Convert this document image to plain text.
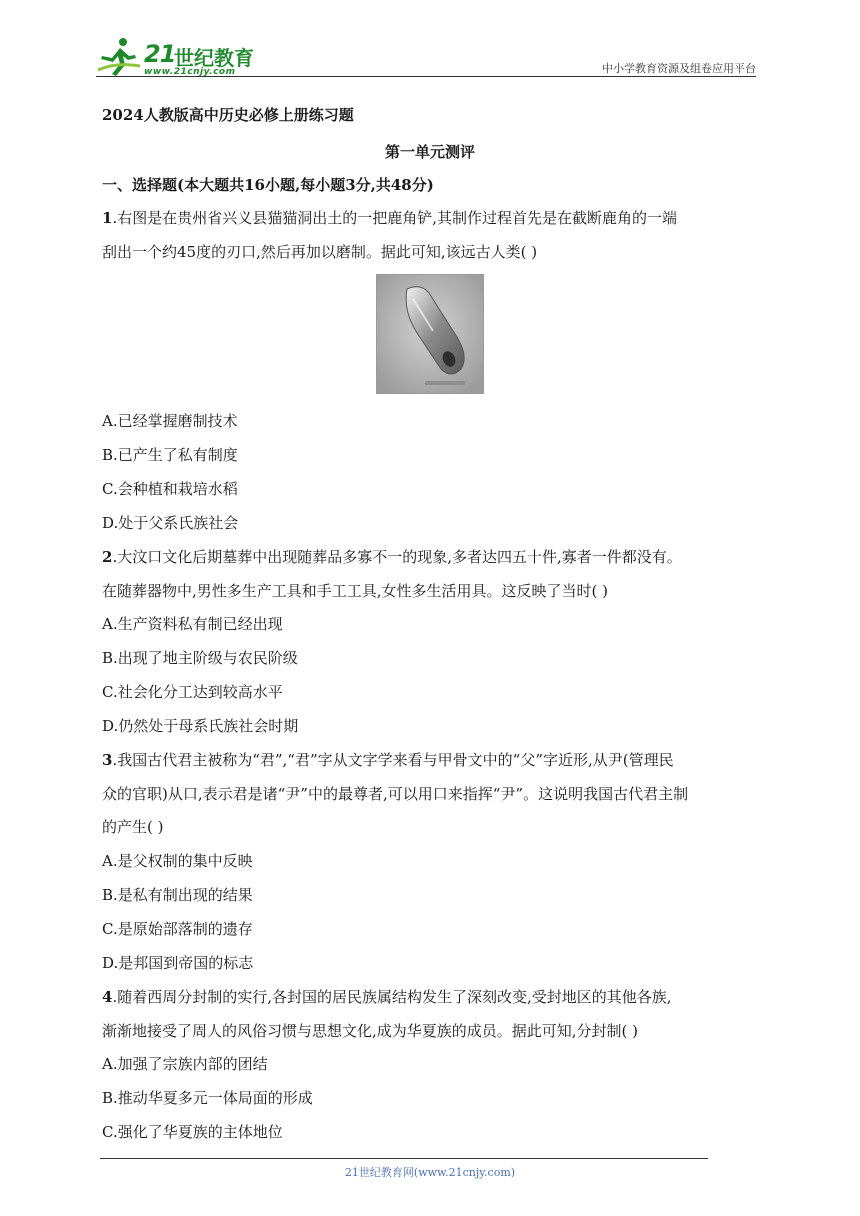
21
世纪教育
www.21cnjy.com	中小学教育资源及组卷应用平台
2024人教版高中历史必修上册练习题
第一单元测评
一、选择题(本大题共16小题,每小题3分,共48分)
1.右图是在贵州省兴义县猫猫洞出土的一把鹿角铲,其制作过程首先是在截断鹿角的一端
刮出一个约45度的刃口,然后再加以磨制。据此可知,该远古人类( )
A.已经掌握磨制技术
B.已产生了私有制度
C.会种植和栽培水稻
D.处于父系氏族社会
2.大汶口文化后期墓葬中出现随葬品多寡不一的现象,多者达四五十件,寡者一件都没有。
在随葬器物中,男性多生产工具和手工工具,女性多生活用具。这反映了当时( )
A.生产资料私有制已经出现
B.出现了地主阶级与农民阶级
C.社会化分工达到较高水平
D.仍然处于母系氏族社会时期
3.我国古代君主被称为“君”,“君”字从文字学来看与甲骨文中的“父”字近形,从尹(管理民
众的官职)从口,表示君是诸“尹”中的最尊者,可以用口来指挥“尹”。这说明我国古代君主制
的产生( )
A.是父权制的集中反映
B.是私有制出现的结果
C.是原始部落制的遗存
D.是邦国到帝国的标志
4.随着西周分封制的实行,各封国的居民族属结构发生了深刻改变,受封地区的其他各族,
渐渐地接受了周人的风俗习惯与思想文化,成为华夏族的成员。据此可知,分封制( )
A.加强了宗族内部的团结
B.推动华夏多元一体局面的形成
C.强化了华夏族的主体地位
21世纪教育网(www.21cnjy.com)
